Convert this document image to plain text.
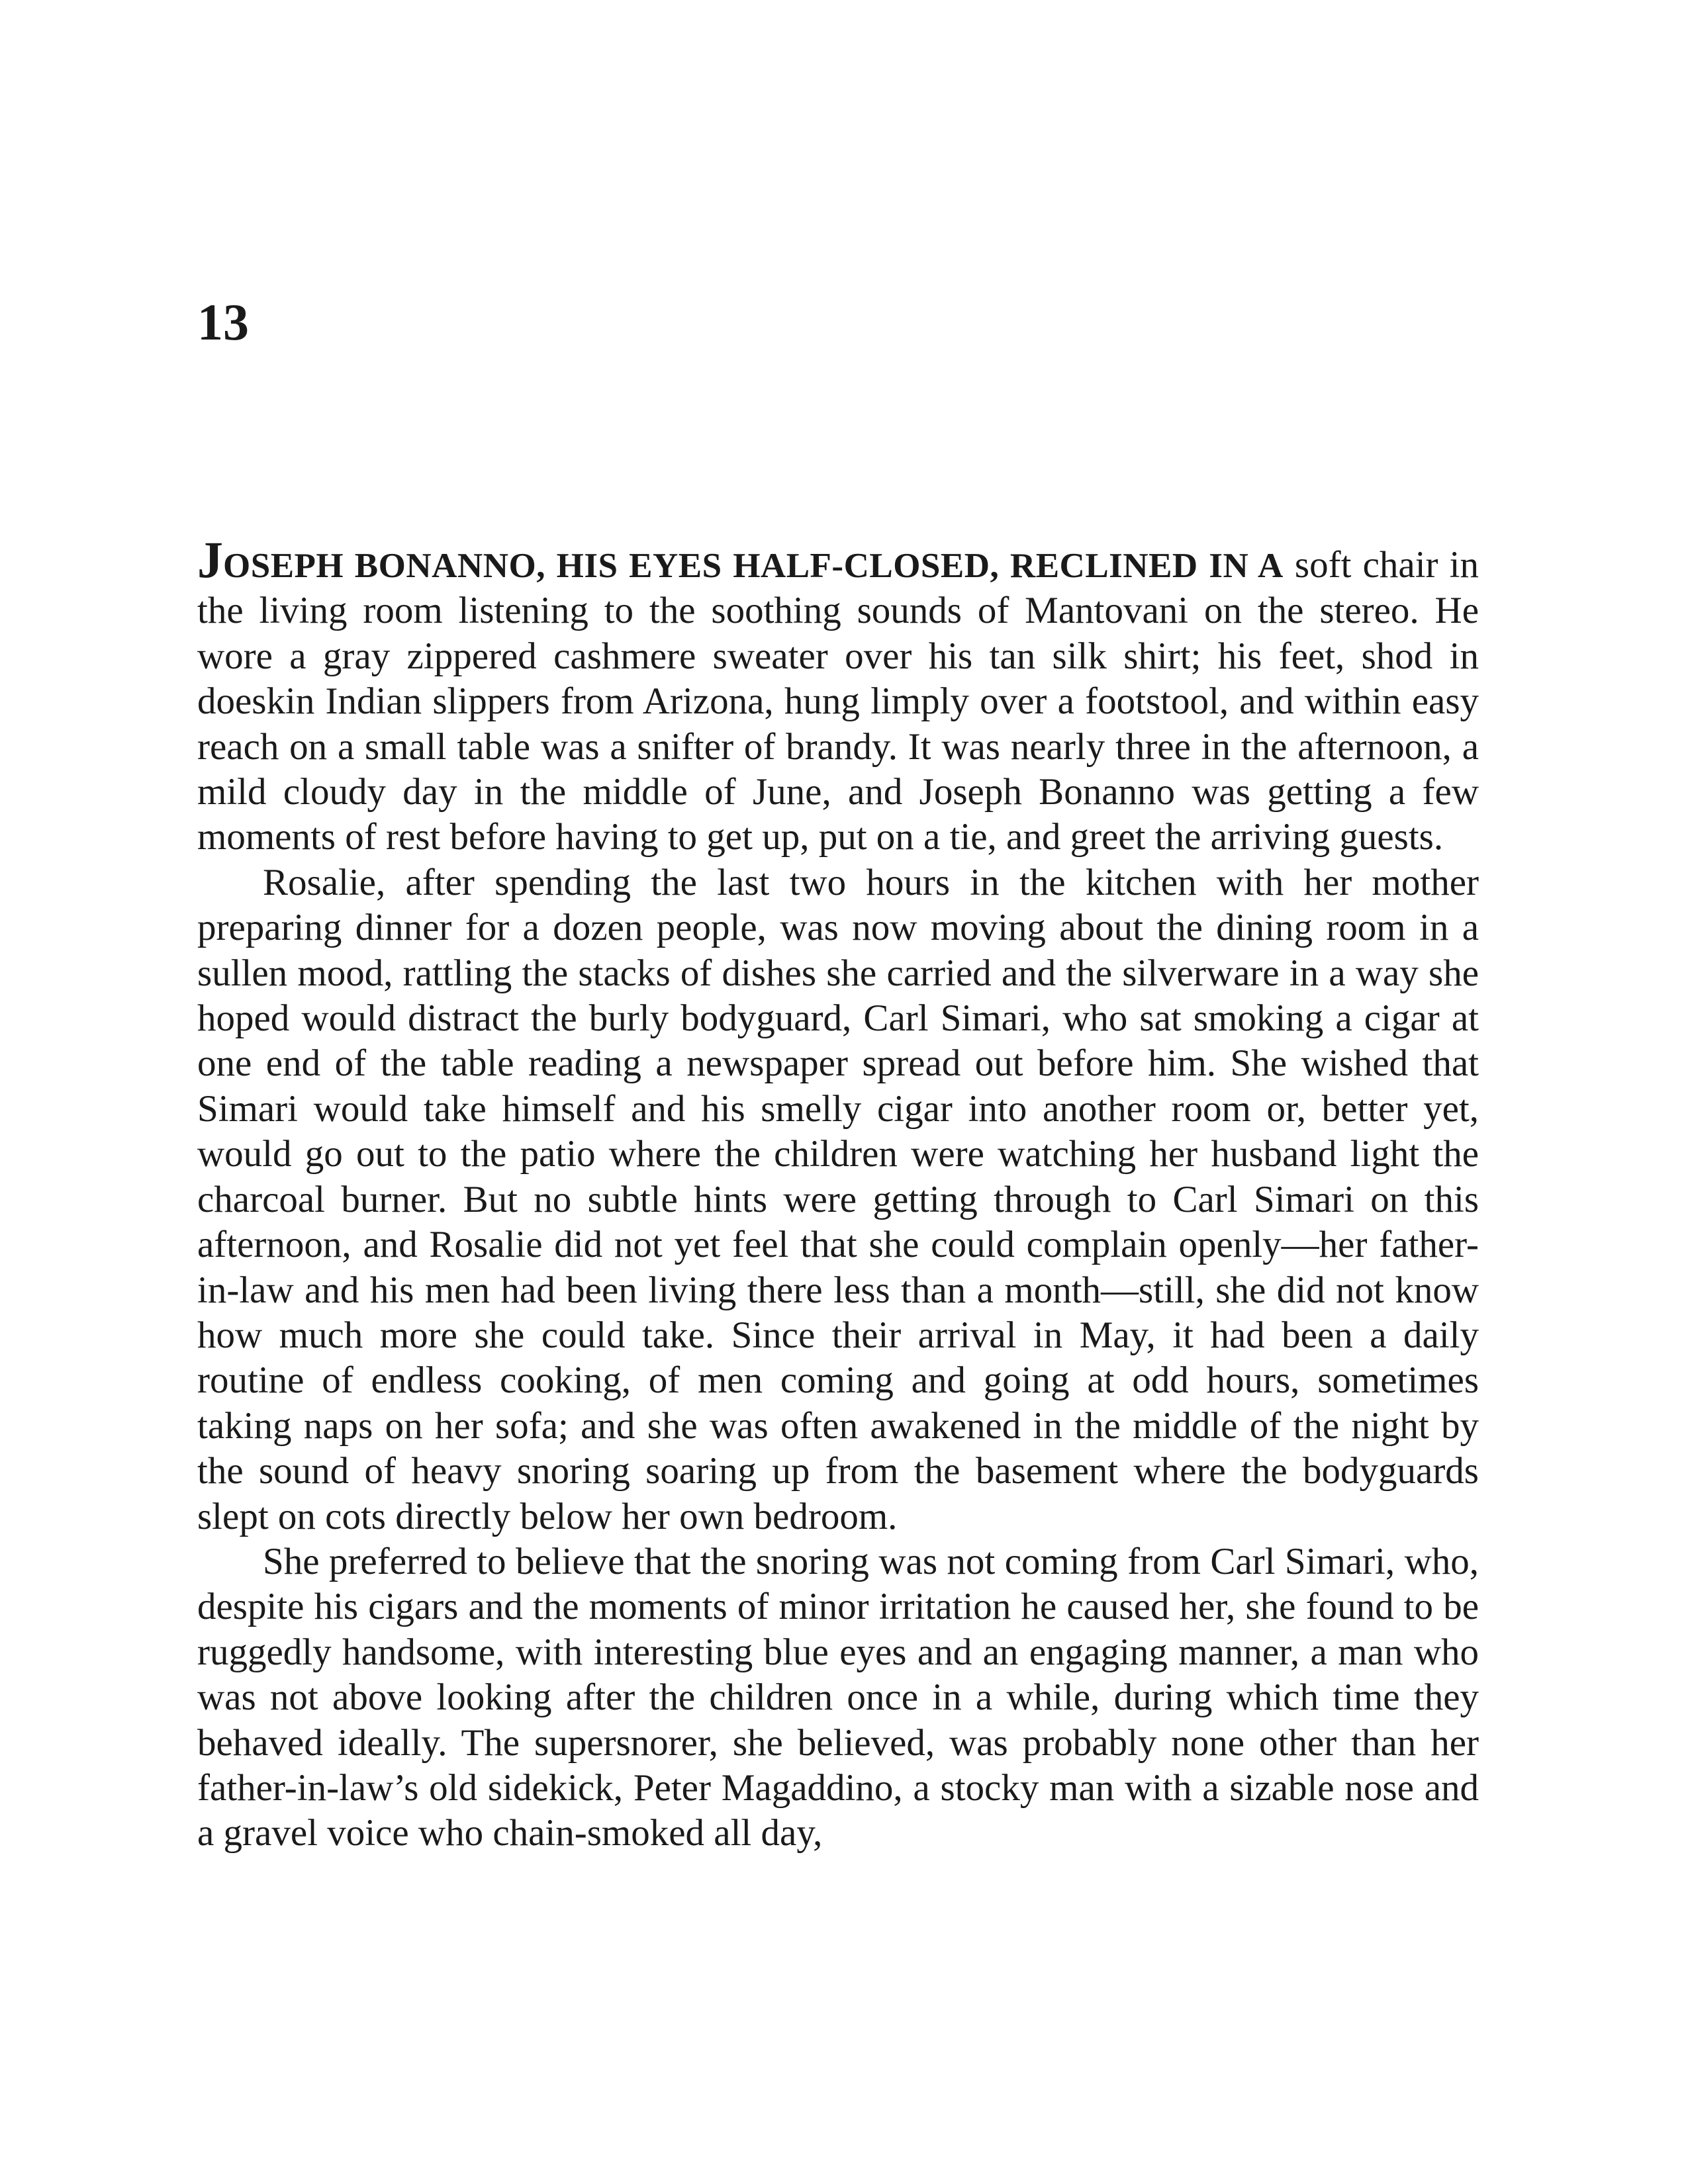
13

JOSEPH BONANNO, HIS EYES HALF-CLOSED, RECLINED IN A soft chair in the living room listening to the soothing sounds of Mantovani on the stereo. He wore a gray zippered cashmere sweater over his tan silk shirt; his feet, shod in doeskin Indian slippers from Arizona, hung limply over a footstool, and within easy reach on a small table was a snifter of brandy. It was nearly three in the afternoon, a mild cloudy day in the middle of June, and Joseph Bonanno was getting a few moments of rest before having to get up, put on a tie, and greet the arriving guests.

Rosalie, after spending the last two hours in the kitchen with her mother preparing dinner for a dozen people, was now moving about the dining room in a sullen mood, rattling the stacks of dishes she carried and the silverware in a way she hoped would distract the burly bodyguard, Carl Simari, who sat smoking a cigar at one end of the table reading a newspaper spread out before him. She wished that Simari would take himself and his smelly cigar into another room or, better yet, would go out to the patio where the children were watching her husband light the charcoal burner. But no subtle hints were getting through to Carl Simari on this afternoon, and Rosalie did not yet feel that she could complain openly—her father-in-law and his men had been living there less than a month—still, she did not know how much more she could take. Since their arrival in May, it had been a daily routine of endless cooking, of men coming and going at odd hours, sometimes taking naps on her sofa; and she was often awakened in the middle of the night by the sound of heavy snoring soaring up from the basement where the bodyguards slept on cots directly below her own bedroom.

She preferred to believe that the snoring was not coming from Carl Simari, who, despite his cigars and the moments of minor irritation he caused her, she found to be ruggedly handsome, with interesting blue eyes and an engaging manner, a man who was not above looking after the children once in a while, during which time they behaved ideally. The supersnorer, she believed, was probably none other than her father-in-law’s old sidekick, Peter Magaddino, a stocky man with a sizable nose and a gravel voice who chain-smoked all day,
